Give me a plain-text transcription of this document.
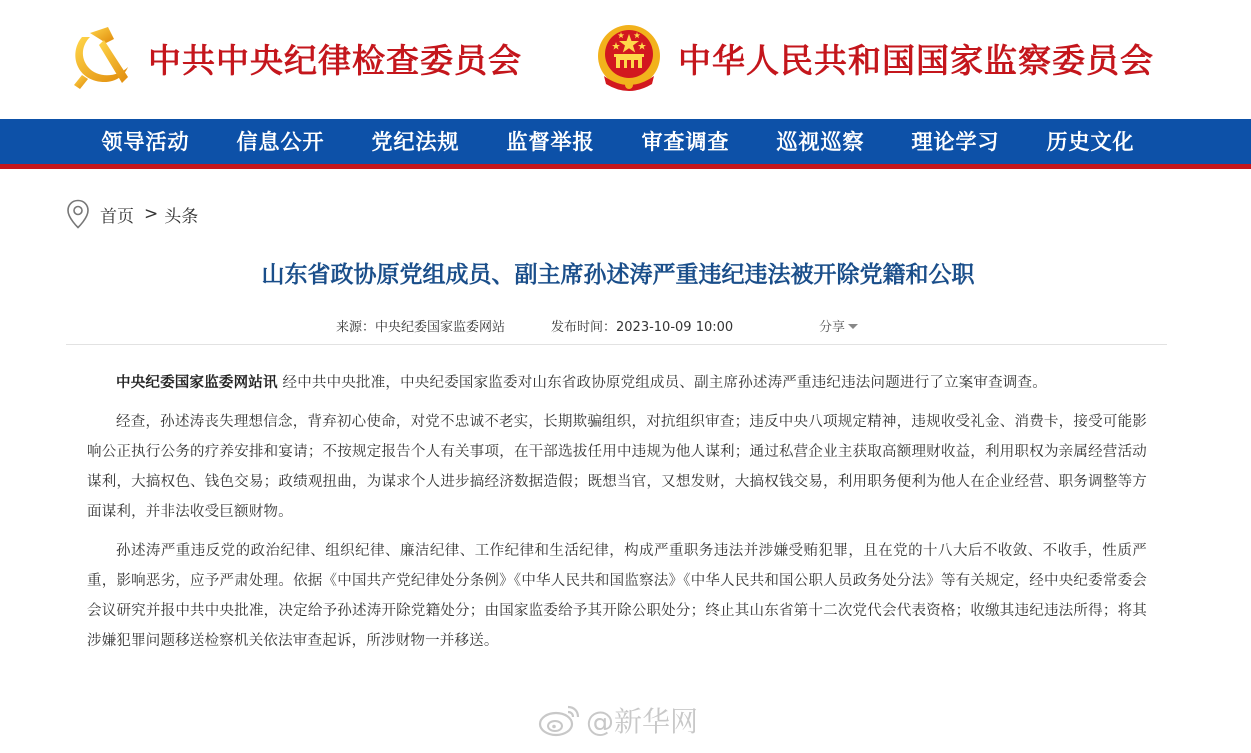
中共中央纪律检查委员会	中华人民共和国国家监察委员会
领导活动	信息公开	党纪法规	监督举报	审查调查	巡视巡察	理论学习	历史文化
首页 > 头条
山东省政协原党组成员、副主席孙述涛严重违纪违法被开除党籍和公职
来源：中央纪委国家监委网站	发布时间：2023-10-09 10:00	分享

中央纪委国家监委网站讯 经中共中央批准，中央纪委国家监委对山东省政协原党组成员、副主席孙述涛严重违纪违法问题进行了立案审查调查。

经查，孙述涛丧失理想信念，背弃初心使命，对党不忠诚不老实，长期欺骗组织，对抗组织审查；违反中央八项规定精神，违规收受礼金、消费卡，接受可能影响公正执行公务的疗养安排和宴请；不按规定报告个人有关事项，在干部选拔任用中违规为他人谋利；通过私营企业主获取高额理财收益，利用职权为亲属经营活动谋利，大搞权色、钱色交易；政绩观扭曲，为谋求个人进步搞经济数据造假；既想当官，又想发财，大搞权钱交易，利用职务便利为他人在企业经营、职务调整等方面谋利，并非法收受巨额财物。

孙述涛严重违反党的政治纪律、组织纪律、廉洁纪律、工作纪律和生活纪律，构成严重职务违法并涉嫌受贿犯罪，且在党的十八大后不收敛、不收手，性质严重，影响恶劣，应予严肃处理。依据《中国共产党纪律处分条例》《中华人民共和国监察法》《中华人民共和国公职人员政务处分法》等有关规定，经中央纪委常委会会议研究并报中共中央批准，决定给予孙述涛开除党籍处分；由国家监委给予其开除公职处分；终止其山东省第十二次党代会代表资格；收缴其违纪违法所得；将其涉嫌犯罪问题移送检察机关依法审查起诉，所涉财物一并移送。

@新华网
